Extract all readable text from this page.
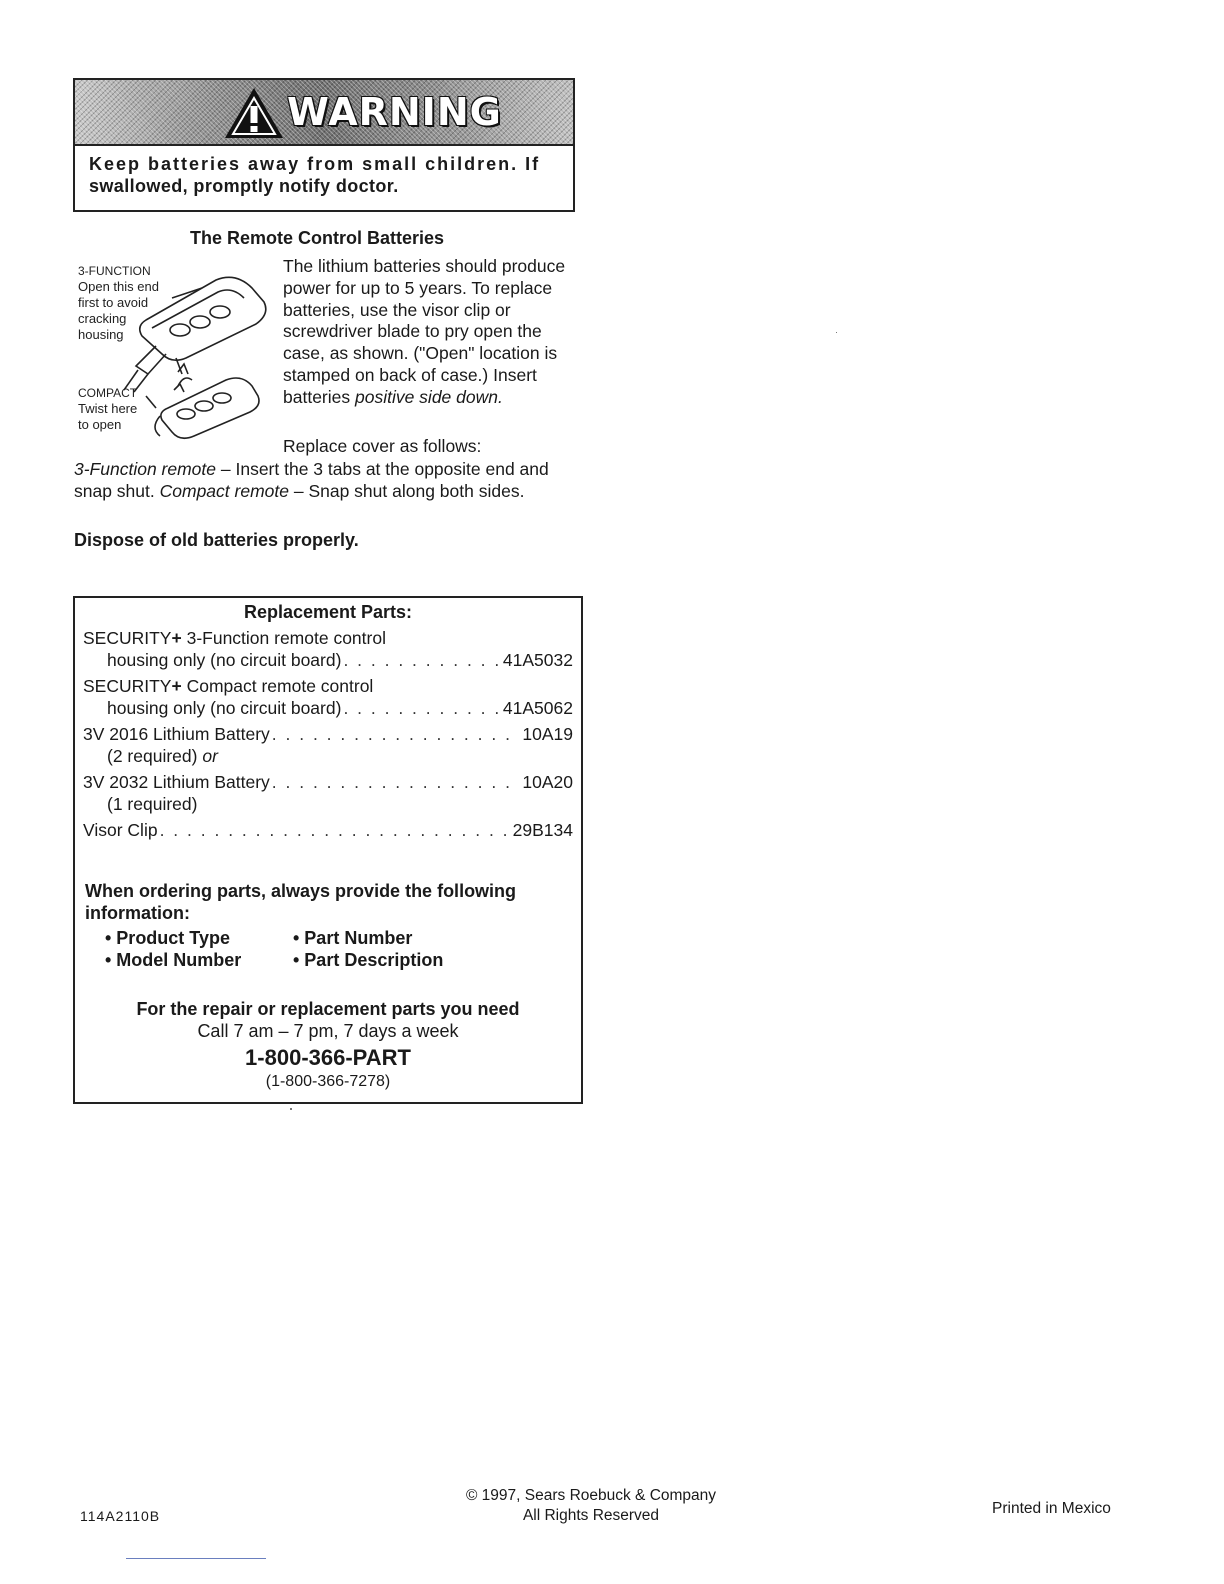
WARNING
Keep batteries away from small children. If
swallowed, promptly notify doctor.
The Remote Control Batteries
3-FUNCTION
Open this end
first to avoid
cracking
housing
COMPACT
Twist here
to open
The lithium batteries should produce power for up to 5 years. To replace batteries, use the visor clip or screwdriver blade to pry open the case, as shown. ("Open" location is stamped on back of case.) Insert batteries positive side down.
Replace cover as follows:
3-Function remote – Insert the 3 tabs at the opposite end and snap shut. Compact remote – Snap shut along both sides.
Dispose of old batteries properly.
Replacement Parts:
SECURITY+ 3-Function remote control
housing only (no circuit board) . . .	41A5032
SECURITY+ Compact remote control
housing only (no circuit board) . . .	41A5062
3V 2016 Lithium Battery . . .	10A19
(2 required) or
3V 2032 Lithium Battery . . .	10A20
(1 required)
Visor Clip . . .	29B134
When ordering parts, always provide the following information:
• Product Type	• Part Number
• Model Number	• Part Description
For the repair or replacement parts you need
Call 7 am – 7 pm, 7 days a week
1-800-366-PART
(1-800-366-7278)
114A2110B
© 1997, Sears Roebuck & Company
All Rights Reserved	Printed in Mexico
